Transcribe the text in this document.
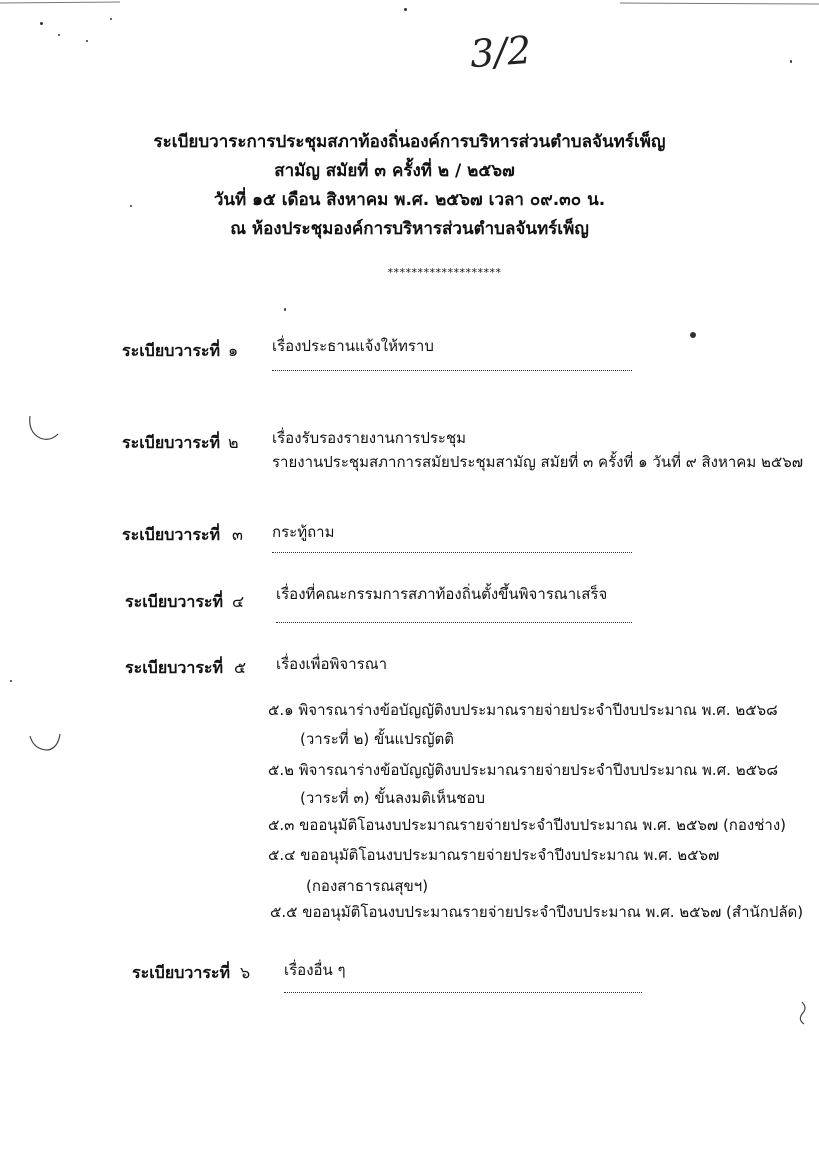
3/2
ระเบียบวาระการประชุมสภาท้องถิ่นองค์การบริหารส่วนตำบลจันทร์เพ็ญ
สามัญ สมัยที่ ๓ ครั้งที่ ๒ / ๒๕๖๗
วันที่ ๑๕ เดือน สิงหาคม พ.ศ. ๒๕๖๗ เวลา ๐๙.๓๐ น.
ณ ห้องประชุมองค์การบริหารส่วนตำบลจันทร์เพ็ญ
*******************
ระเบียบวาระที่ ๑ เรื่องประธานแจ้งให้ทราบ
ระเบียบวาระที่ ๒ เรื่องรับรองรายงานการประชุม
รายงานประชุมสภาการสมัยประชุมสามัญ สมัยที่ ๓ ครั้งที่ ๑ วันที่ ๙ สิงหาคม ๒๕๖๗
ระเบียบวาระที่ ๓ กระทู้ถาม
ระเบียบวาระที่ ๔ เรื่องที่คณะกรรมการสภาท้องถิ่นตั้งขึ้นพิจารณาเสร็จ
ระเบียบวาระที่ ๕ เรื่องเพื่อพิจารณา
๕.๑ พิจารณาร่างข้อบัญญัติงบประมาณรายจ่ายประจำปีงบประมาณ พ.ศ. ๒๕๖๘
(วาระที่ ๒) ขั้นแปรญัตติ
๕.๒ พิจารณาร่างข้อบัญญัติงบประมาณรายจ่ายประจำปีงบประมาณ พ.ศ. ๒๕๖๘
(วาระที่ ๓) ขั้นลงมติเห็นชอบ
๕.๓ ขออนุมัติโอนงบประมาณรายจ่ายประจำปีงบประมาณ พ.ศ. ๒๕๖๗ (กองช่าง)
๕.๔ ขออนุมัติโอนงบประมาณรายจ่ายประจำปีงบประมาณ พ.ศ. ๒๕๖๗
(กองสาธารณสุขฯ)
๕.๕ ขออนุมัติโอนงบประมาณรายจ่ายประจำปีงบประมาณ พ.ศ. ๒๕๖๗ (สำนักปลัด)
ระเบียบวาระที่ ๖ เรื่องอื่น ๆ
